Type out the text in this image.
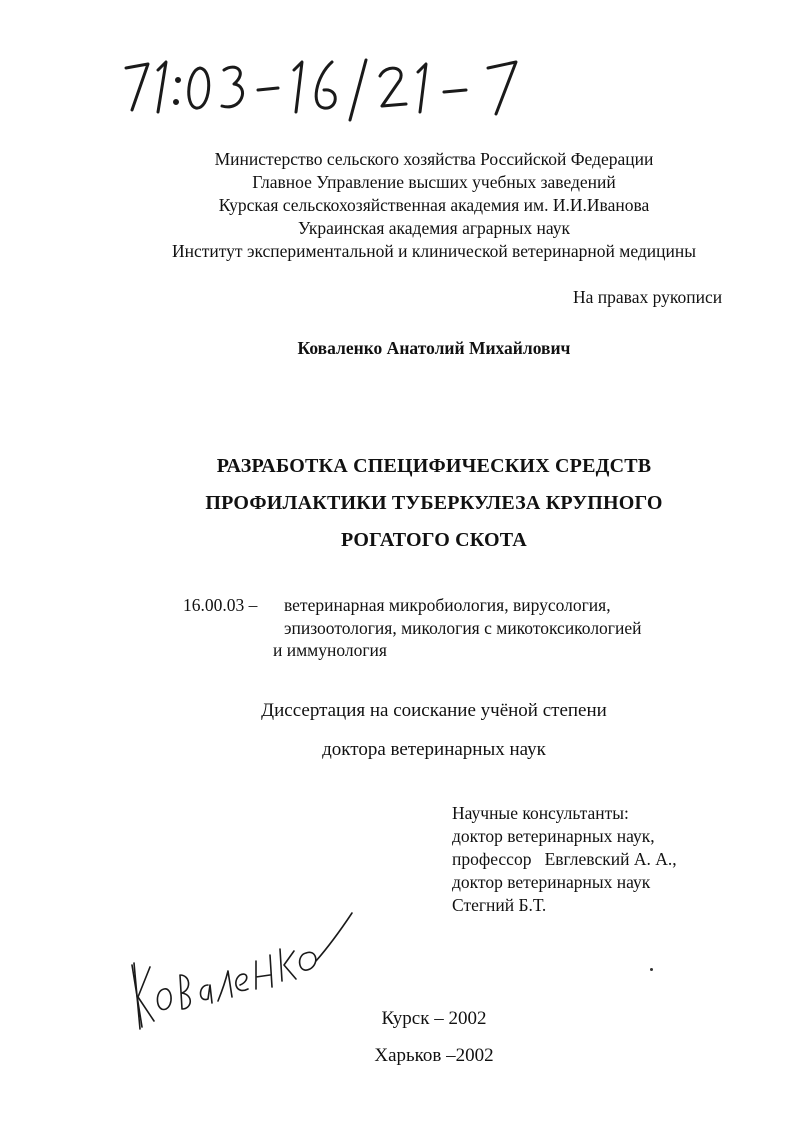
Министерство сельского хозяйства Российской Федерации
Главное Управление высших учебных заведений
Курская сельскохозяйственная академия им. И.И.Иванова
Украинская академия аграрных наук
Институт экспериментальной и клинической ветеринарной медицины
На правах рукописи
Коваленко Анатолий Михайлович
РАЗРАБОТКА СПЕЦИФИЧЕСКИХ СРЕДСТВ
ПРОФИЛАКТИКИ ТУБЕРКУЛЕЗА КРУПНОГО
РОГАТОГО СКОТА
16.00.03 – ветеринарная микробиология, вирусология,
эпизоотология, микология с микотоксикологией
и иммунология
Диссертация на соискание учёной степени
доктора ветеринарных наук
Научные консультанты:
доктор ветеринарных наук,
профессор   Евглевский А. А.,
доктор ветеринарных наук
Стегний Б.Т.
Курск – 2002
Харьков –2002
